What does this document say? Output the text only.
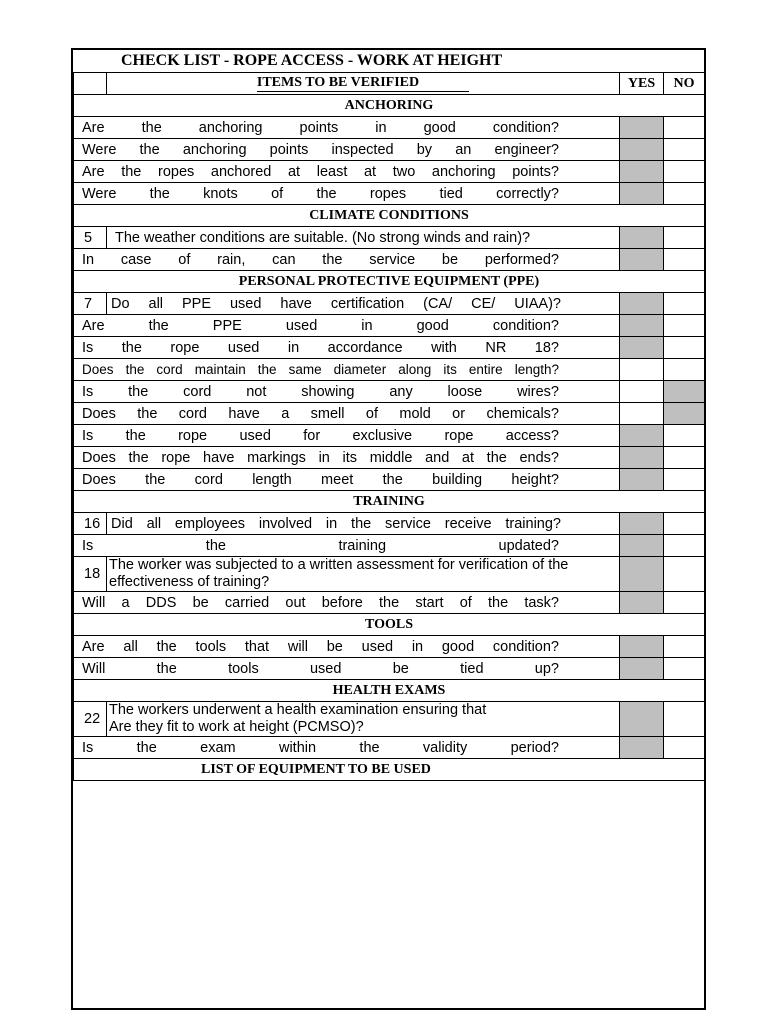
CHECK LIST - ROPE ACCESS - WORK AT HEIGHT
	ITEMS TO BE VERIFIED	YES	NO
ANCHORING			
Are the anchoring points in good condition?			
Were the anchoring points inspected by an engineer?			
Are the ropes anchored at least at two anchoring points?			
Were the knots of the ropes tied correctly?			
CLIMATE CONDITIONS			
5	The weather conditions are suitable. (No strong winds and rain)?		
In case of rain, can the service be performed?			
PERSONAL PROTECTIVE EQUIPMENT (PPE)			
7	Do all PPE used have certification (CA/ CE/ UIAA)?		
Are the PPE used in good condition?			
Is the rope used in accordance with NR 18?			
Does the cord maintain the same diameter along its entire length?			
Is the cord not showing any loose wires?			
Does the cord have a smell of mold or chemicals?			
Is the rope used for exclusive rope access?			
Does the rope have markings in its middle and at the ends?			
Does the cord length meet the building height?			
TRAINING			
16	Did all employees involved in the service receive training?		
Is the training updated?			
18	The worker was subjected to a written assessment for verification of the effectiveness of training?		
Will a DDS be carried out before the start of the task?			
TOOLS			
Are all the tools that will be used in good condition?			
Will the tools used be tied up?			
HEALTH EXAMS			
22	The workers underwent a health examination ensuring that Are they fit to work at height (PCMSO)?		
Is the exam within the validity period?			
LIST OF EQUIPMENT TO BE USED			
